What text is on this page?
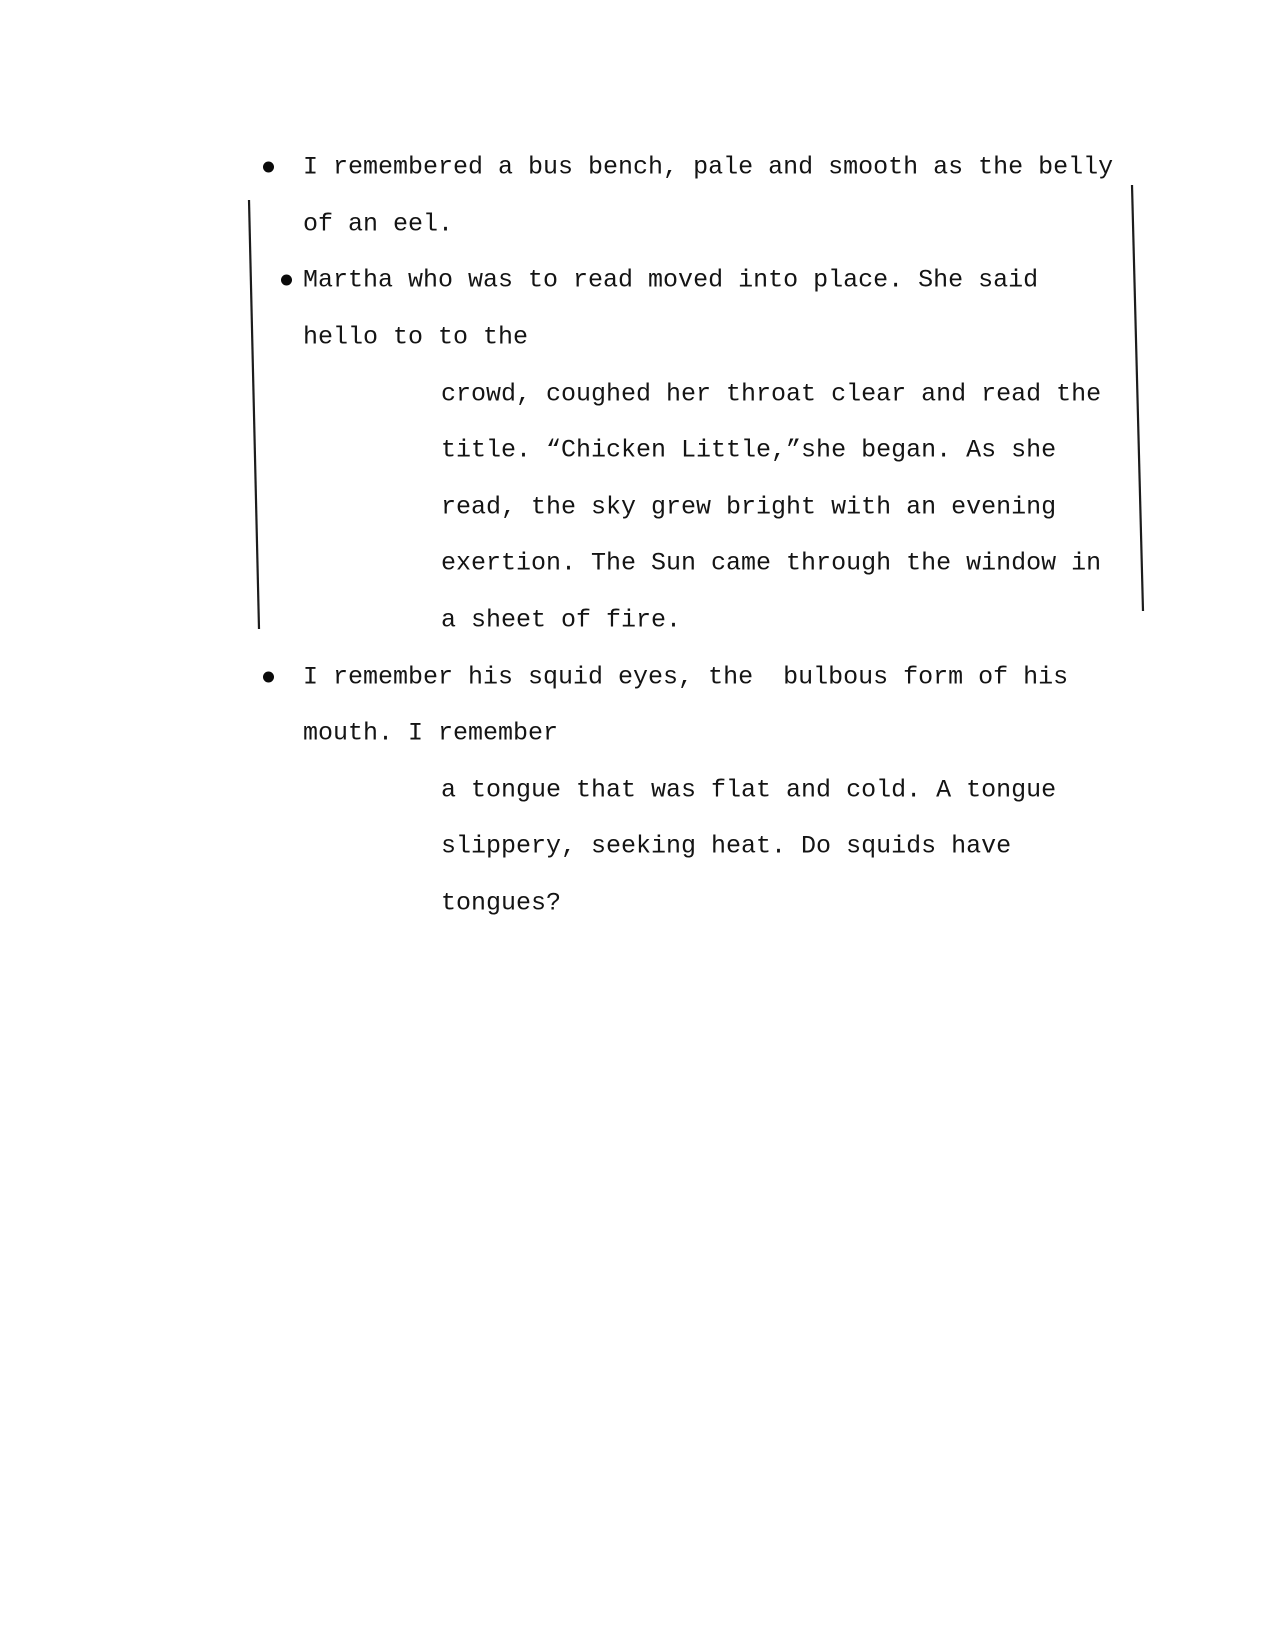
I remembered a bus bench, pale and smooth as the belly
of an eel.
Martha who was to read moved into place. She said
hello to to the
crowd, coughed her throat clear and read the
title. “Chicken Little,”she began. As she
read, the sky grew bright with an evening
exertion. The Sun came through the window in
a sheet of fire.
I remember his squid eyes, the  bulbous form of his
mouth. I remember
a tongue that was flat and cold. A tongue
slippery, seeking heat. Do squids have
tongues?
